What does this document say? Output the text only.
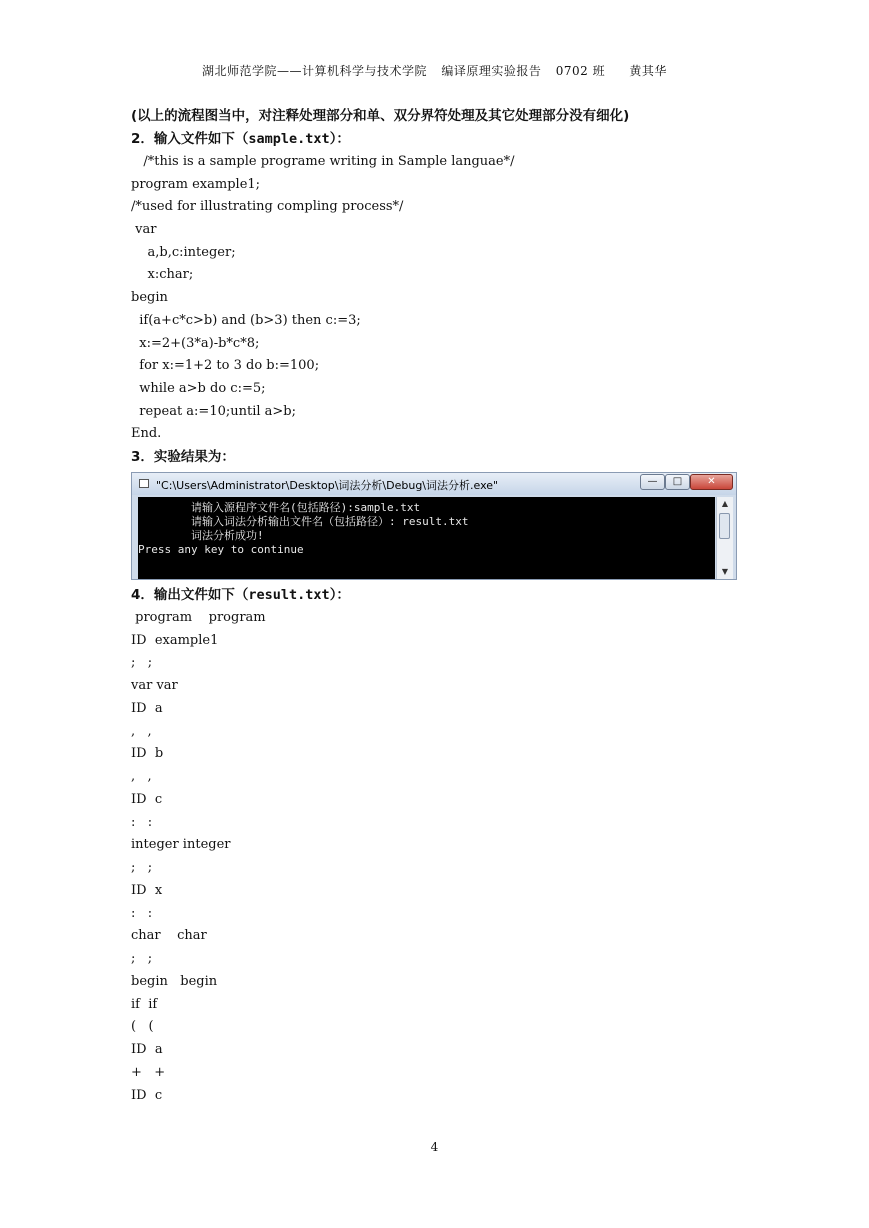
湖北师范学院——计算机科学与技术学院 编译原理实验报告 0702 班 黄其华
(以上的流程图当中，对注释处理部分和单、双分界符处理及其它处理部分没有细化)
2．输入文件如下（sample.txt）：
/*this is a sample programe writing in Sample languae*/
program example1;
/*used for illustrating compling process*/
var
a,b,c:integer;
x:char;
begin
if(a+c*c>b) and (b>3) then c:=3;
x:=2+(3*a)-b*c*8;
for x:=1+2 to 3 do b:=100;
while a>b do c:=5;
repeat a:=10;until a>b;
End.
3．实验结果为：
"C:\Users\Administrator\Desktop\词法分析\Debug\词法分析.exe"	—	□	✕
请输入源程序文件名(包括路径):sample.txt
请输入词法分析输出文件名（包括路径）: result.txt
词法分析成功!
Press any key to continue
▲
▼
4．输出文件如下（result.txt）：
program    program
ID  example1
;   ;
var var
ID  a
,   ,
ID  b
,   ,
ID  c
:   :
integer integer
;   ;
ID  x
:   :
char    char
;   ;
begin   begin
if  if
(   (
ID  a
+   +
ID  c
4
